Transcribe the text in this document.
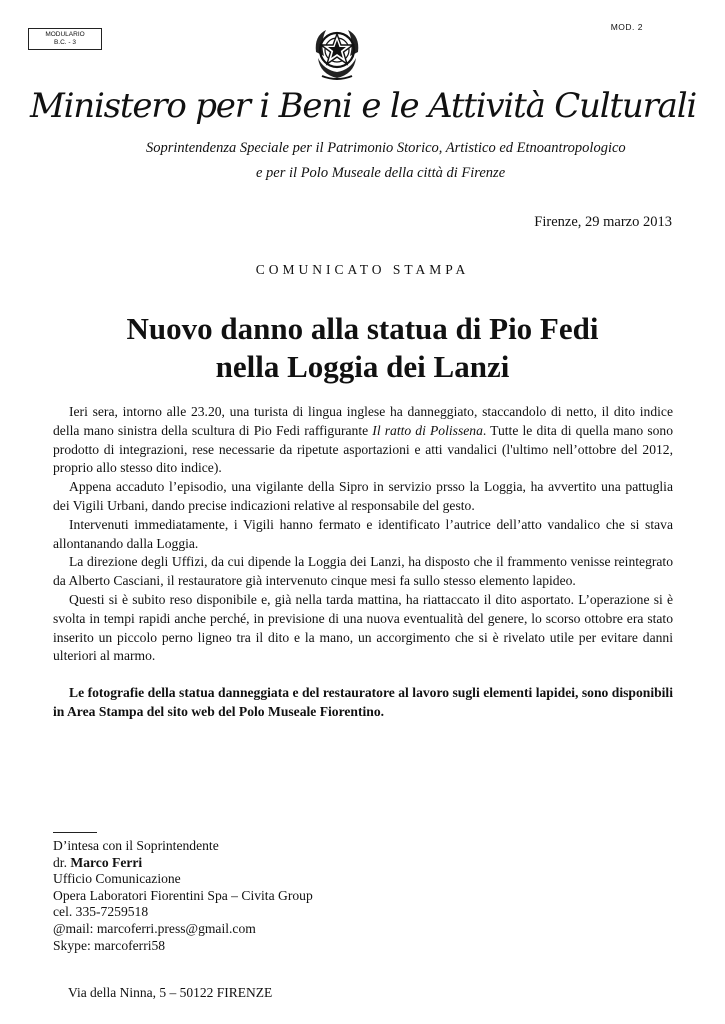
MODULARIO
B.C. - 3
MOD. 2
Ministero per i Beni e le Attività Culturali
Soprintendenza Speciale per il Patrimonio Storico, Artistico ed Etnoantropologico
e per il Polo Museale della città di Firenze
Firenze, 29 marzo 2013
COMUNICATO STAMPA
Nuovo danno alla statua di Pio Fedi
nella Loggia dei Lanzi

Ieri sera, intorno alle 23.20, una turista di lingua inglese ha danneggiato, staccandolo di netto, il dito indice della mano sinistra della scultura di Pio Fedi raffigurante Il ratto di Polissena. Tutte le dita di quella mano sono prodotto di integrazioni, rese necessarie da ripetute asportazioni e atti vandalici (l'ultimo nell’ottobre del 2012, proprio allo stesso dito indice).

Appena accaduto l’episodio, una vigilante della Sipro in servizio prsso la Loggia, ha avvertito una pattuglia dei Vigili Urbani, dando precise indicazioni relative al responsabile del gesto.

Intervenuti immediatamente, i Vigili hanno fermato e identificato l’autrice dell’atto vandalico che si stava allontanando dalla Loggia.

La direzione degli Uffizi, da cui dipende la Loggia dei Lanzi, ha disposto che il frammento venisse reintegrato da Alberto Casciani, il restauratore già intervenuto cinque mesi fa sullo stesso elemento lapideo.

Questi si è subito reso disponibile e, già nella tarda mattina, ha riattaccato il dito asportato. L’operazione si è svolta in tempi rapidi anche perché, in previsione di una nuova eventualità del genere, lo scorso ottobre era stato inserito un piccolo perno ligneo tra il dito e la mano, un accorgimento che si è rivelato utile per evitare danni ulteriori al marmo.

Le fotografie della statua danneggiata e del restauratore al lavoro sugli elementi lapidei, sono disponibili in Area Stampa del sito web del Polo Museale Fiorentino.

D’intesa con il Soprintendente
dr. Marco Ferri
Ufficio Comunicazione
Opera Laboratori Fiorentini Spa – Civita Group
cel. 335-7259518
@mail: marcoferri.press@gmail.com
Skype: marcoferri58
Via della Ninna, 5 – 50122 FIRENZE
